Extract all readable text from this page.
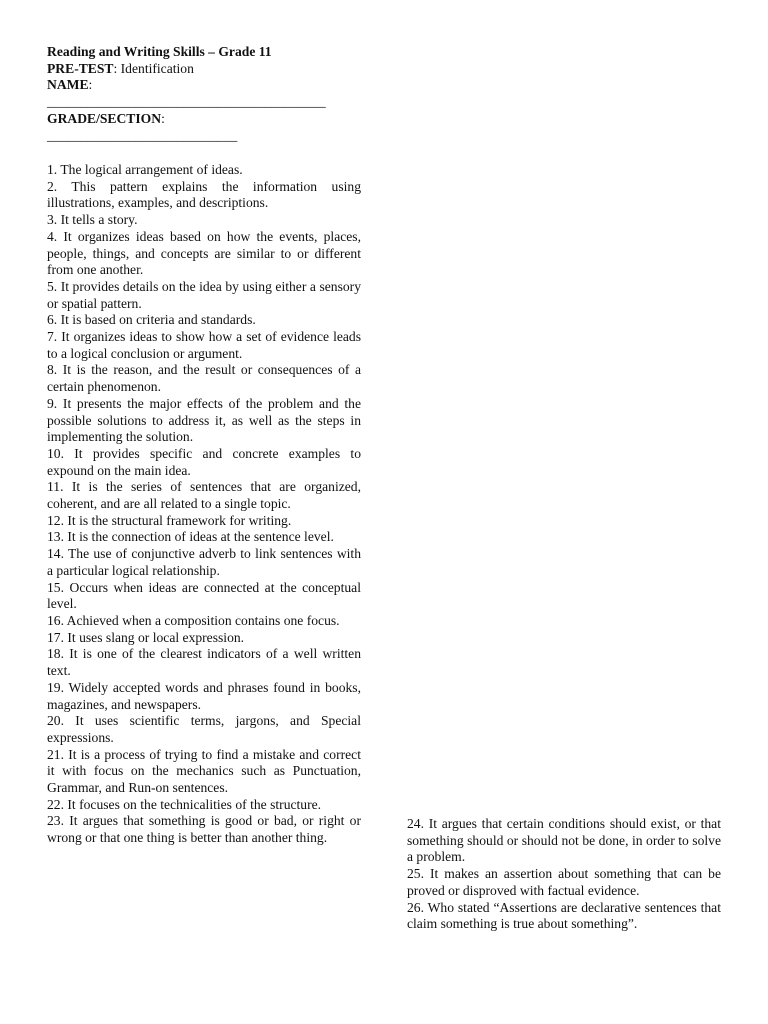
Reading and Writing Skills – Grade 11
PRE-TEST: Identification
NAME:
_________________________________________
GRADE/SECTION:
____________________________

1. The logical arrangement of ideas.

2. This pattern explains the information using illustrations, examples, and descriptions.

3. It tells a story.

4. It organizes ideas based on how the events, places, people, things, and concepts are similar to or different from one another.

5. It provides details on the idea by using either a sensory or spatial pattern.

6. It is based on criteria and standards.

7. It organizes ideas to show how a set of evidence leads to a logical conclusion or argument.

8. It is the reason, and the result or consequences of a certain phenomenon.

9. It presents the major effects of the problem and the possible solutions to address it, as well as the steps in implementing the solution.

10. It provides specific and concrete examples to expound on the main idea.

11. It is the series of sentences that are organized, coherent, and are all related to a single topic.

12. It is the structural framework for writing.

13. It is the connection of ideas at the sentence level.

14. The use of conjunctive adverb to link sentences with a particular logical relationship.

15. Occurs when ideas are connected at the conceptual level.

16. Achieved when a composition contains one focus.

17. It uses slang or local expression.

18. It is one of the clearest indicators of a well written text.

19. Widely accepted words and phrases found in books, magazines, and newspapers.

20. It uses scientific terms, jargons, and Special expressions.

21. It is a process of trying to find a mistake and correct it with focus on the mechanics such as Punctuation, Grammar, and Run-on sentences.

22. It focuses on the technicalities of the structure.

23. It argues that something is good or bad, or right or wrong or that one thing is better than another thing.

24. It argues that certain conditions should exist, or that something should or should not be done, in order to solve a problem.

25. It makes an assertion about something that can be proved or disproved with factual evidence.

26. Who stated “Assertions are declarative sentences that claim something is true about something”.
